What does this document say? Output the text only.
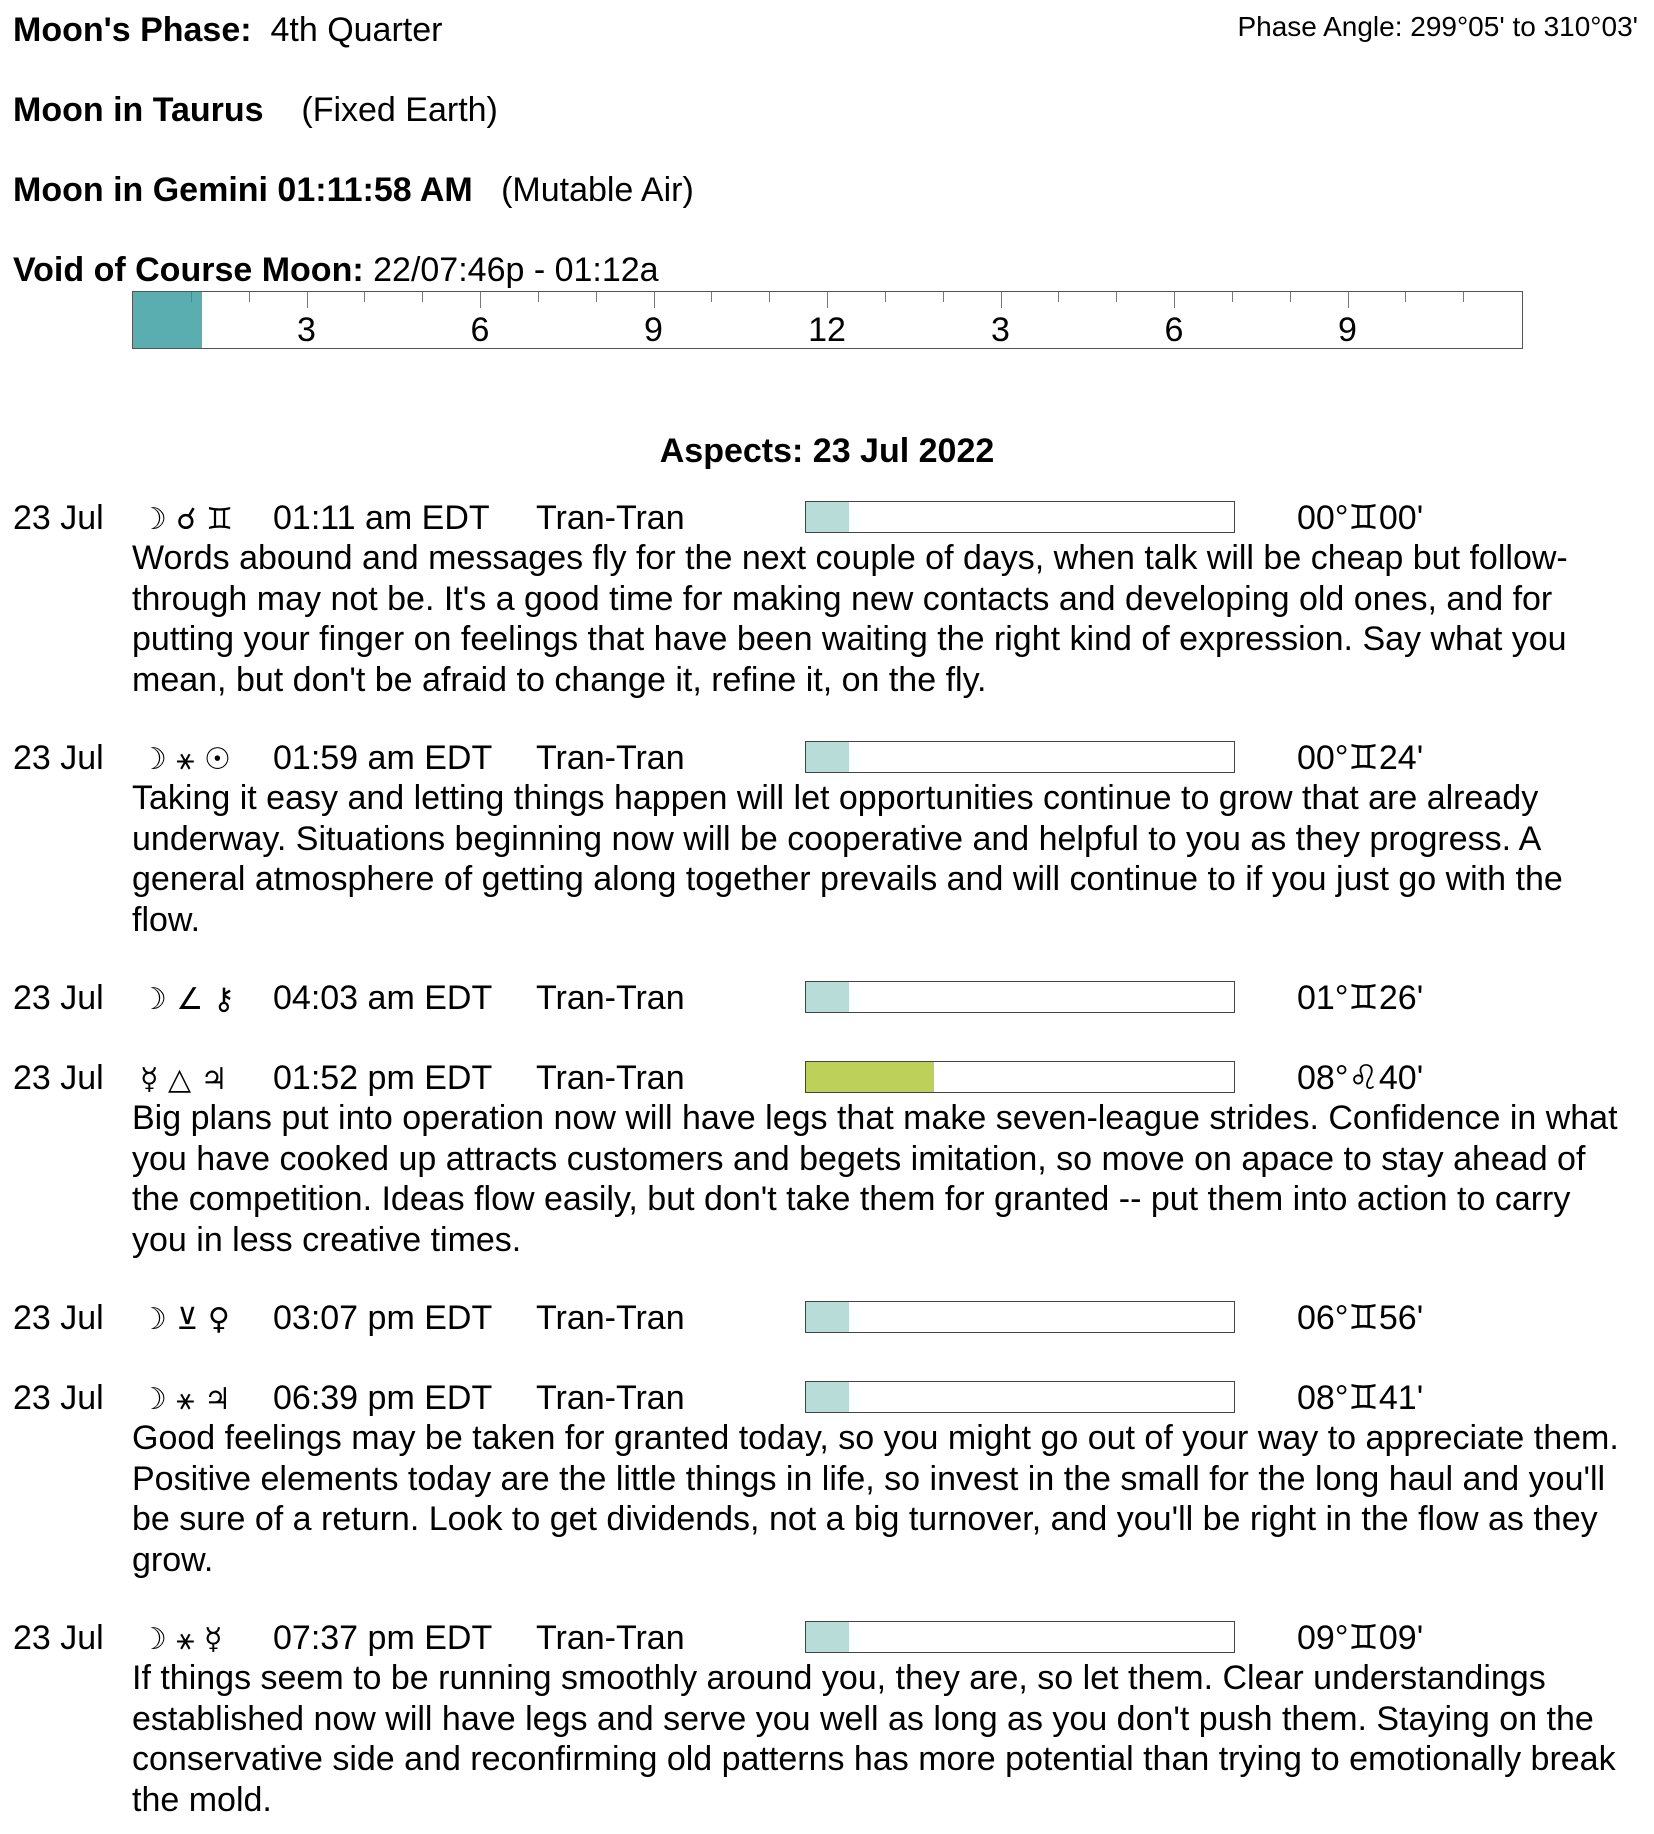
Moon's Phase: 4th Quarter	Phase Angle: 299°05' to 310°03'
Moon in Taurus (Fixed Earth)
Moon in Gemini 01:11:58 AM (Mutable Air)
Void of Course Moon: 22/07:46p - 01:12a
3	6	9	12	3	6	9
Aspects: 23 Jul 2022
23 Jul ☽ ☌ ♊ 01:11 am EDT Tran-Tran	00°♊00'
Words abound and messages fly for the next couple of days, when talk will be cheap but follow-through may not be. It's a good time for making new contacts and developing old ones, and for putting your finger on feelings that have been waiting the right kind of expression. Say what you mean, but don't be afraid to change it, refine it, on the fly.
23 Jul ☽ ⚹ ☉ 01:59 am EDT Tran-Tran	00°♊24'
Taking it easy and letting things happen will let opportunities continue to grow that are already underway. Situations beginning now will be cooperative and helpful to you as they progress. A general atmosphere of getting along together prevails and will continue to if you just go with the flow.
23 Jul ☽ ∠ ⚷ 04:03 am EDT Tran-Tran	01°♊26'
23 Jul ☿ △ ♃ 01:52 pm EDT Tran-Tran	08°♌40'
Big plans put into operation now will have legs that make seven-league strides. Confidence in what you have cooked up attracts customers and begets imitation, so move on apace to stay ahead of the competition. Ideas flow easily, but don't take them for granted -- put them into action to carry you in less creative times.
23 Jul ☽ ⊻ ♀ 03:07 pm EDT Tran-Tran	06°♊56'
23 Jul ☽ ⚹ ♃ 06:39 pm EDT Tran-Tran	08°♊41'
Good feelings may be taken for granted today, so you might go out of your way to appreciate them. Positive elements today are the little things in life, so invest in the small for the long haul and you'll be sure of a return. Look to get dividends, not a big turnover, and you'll be right in the flow as they grow.
23 Jul ☽ ⚹ ☿ 07:37 pm EDT Tran-Tran	09°♊09'
If things seem to be running smoothly around you, they are, so let them. Clear understandings established now will have legs and serve you well as long as you don't push them. Staying on the conservative side and reconfirming old patterns has more potential than trying to emotionally break the mold.
